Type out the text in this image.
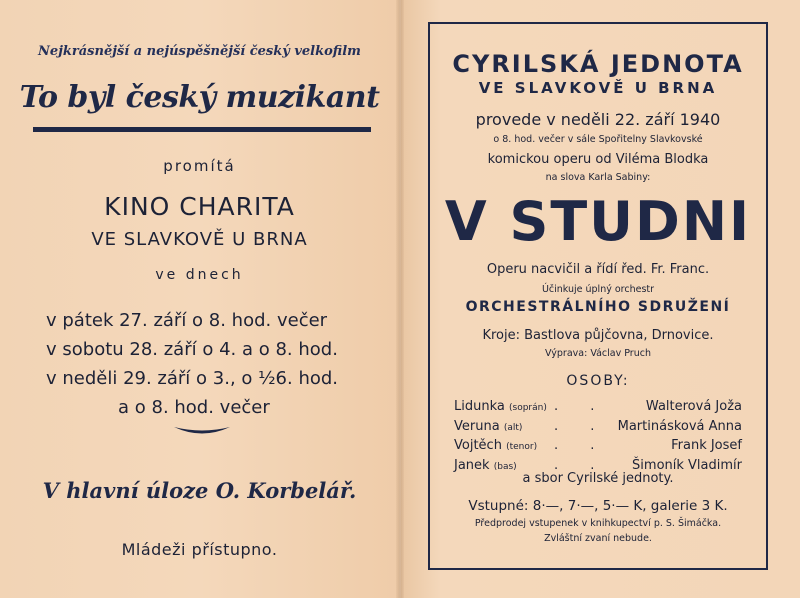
Nejkrásnější a nejúspěšnější český velkofilm
To byl český muzikant
promítá
KINO CHARITA
VE SLAVKOVĚ U BRNA
ve dnech
v pátek 27. září o 8. hod. večer
v sobotu 28. září o 4. a o 8. hod.
v neděli 29. září o 3., o ½6. hod.
a o 8. hod. večer
V hlavní úloze O. Korbelář.
Mládeži přístupno.
CYRILSKÁ JEDNOTA
VE SLAVKOVĚ U BRNA
provede v neděli 22. září 1940
o 8. hod. večer v sále Spořitelny Slavkovské
komickou operu od Viléma Blodka
na slova Karla Sabiny:
V STUDNI
Operu nacvičil a řídí řed. Fr. Franc.
Účinkuje úplný orchestr
ORCHESTRÁLNÍHO SDRUŽENÍ
Kroje: Bastlova půjčovna, Drnovice.
Výprava: Václav Pruch
OSOBY:
Lidunka (soprán) . .	Walterová Joža
Veruna (alt) . . Martinásková Anna
Vojtěch (tenor) . .	Frank Josef
Janek (bas)	. . Šimoník Vladimír
a sbor Cyrilské jednoty.
Vstupné: 8·—, 7·—, 5·— K, galerie 3 K.
Předprodej vstupenek v knihkupectví p. S. Šimáčka.
Zvláštní zvaní nebude.
